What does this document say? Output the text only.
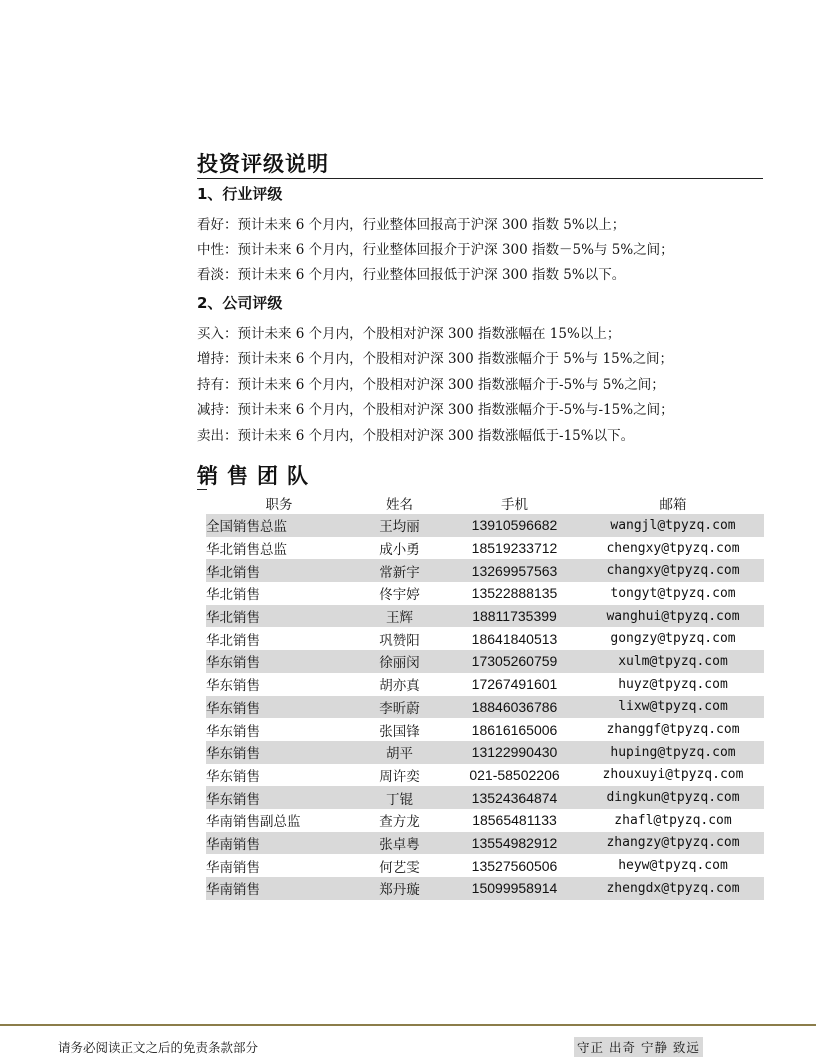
投资评级说明
1、行业评级
看好：预计未来 6 个月内，行业整体回报高于沪深 300 指数 5%以上；
中性：预计未来 6 个月内，行业整体回报介于沪深 300 指数－5%与 5%之间；
看淡：预计未来 6 个月内，行业整体回报低于沪深 300 指数 5%以下。
2、公司评级
买入：预计未来 6 个月内，个股相对沪深 300 指数涨幅在 15%以上；
增持：预计未来 6 个月内，个股相对沪深 300 指数涨幅介于 5%与 15%之间；
持有：预计未来 6 个月内，个股相对沪深 300 指数涨幅介于-5%与 5%之间；
减持：预计未来 6 个月内，个股相对沪深 300 指数涨幅介于-5%与-15%之间；
卖出：预计未来 6 个月内，个股相对沪深 300 指数涨幅低于-15%以下。
销售团队
职务	姓名	手机	邮箱
全国销售总监	王均丽	13910596682	wangjl@tpyzq.com
华北销售总监	成小勇	18519233712	chengxy@tpyzq.com
华北销售	常新宇	13269957563	changxy@tpyzq.com
华北销售	佟宇婷	13522888135	tongyt@tpyzq.com
华北销售	王辉	18811735399	wanghui@tpyzq.com
华北销售	巩赞阳	18641840513	gongzy@tpyzq.com
华东销售	徐丽闵	17305260759	xulm@tpyzq.com
华东销售	胡亦真	17267491601	huyz@tpyzq.com
华东销售	李昕蔚	18846036786	lixw@tpyzq.com
华东销售	张国锋	18616165006	zhanggf@tpyzq.com
华东销售	胡平	13122990430	huping@tpyzq.com
华东销售	周许奕	021-58502206	zhouxuyi@tpyzq.com
华东销售	丁锟	13524364874	dingkun@tpyzq.com
华南销售副总监	查方龙	18565481133	zhafl@tpyzq.com
华南销售	张卓粤	13554982912	zhangzy@tpyzq.com
华南销售	何艺雯	13527560506	heyw@tpyzq.com
华南销售	郑丹璇	15099958914	zhengdx@tpyzq.com
请务必阅读正文之后的免责条款部分	守正 出奇 宁静 致远
